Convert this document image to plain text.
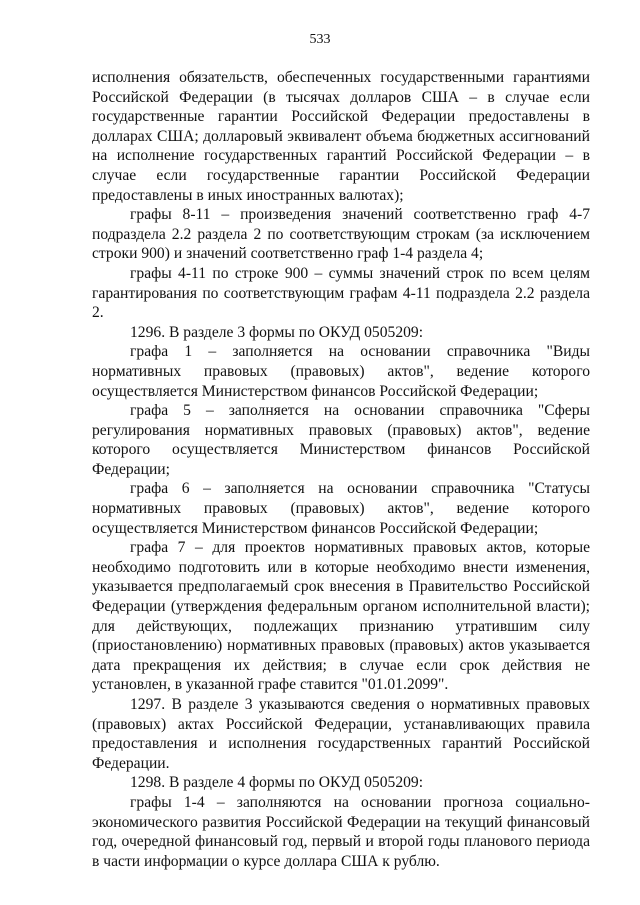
533

исполнения обязательств, обеспеченных государственными гарантиями Российской Федерации (в тысячах долларов США – в случае если государственные гарантии Российской Федерации предоставлены в долларах США; долларовый эквивалент объема бюджетных ассигнований на исполнение государственных гарантий Российской Федерации – в случае если государственные гарантии Российской Федерации предоставлены в иных иностранных валютах);

графы 8-11 – произведения значений соответственно граф 4-7 подраздела 2.2 раздела 2 по соответствующим строкам (за исключением строки 900) и значений соответственно граф 1-4 раздела 4;

графы 4-11 по строке 900 – суммы значений строк по всем целям гарантирования по соответствующим графам 4-11 подраздела 2.2 раздела 2.

1296. В разделе 3 формы по ОКУД 0505209:

графа 1 – заполняется на основании справочника "Виды нормативных правовых (правовых) актов", ведение которого осуществляется Министерством финансов Российской Федерации;

графа 5 – заполняется на основании справочника "Сферы регулирования нормативных правовых (правовых) актов", ведение которого осуществляется Министерством финансов Российской Федерации;

графа 6 – заполняется на основании справочника "Статусы нормативных правовых (правовых) актов", ведение которого осуществляется Министерством финансов Российской Федерации;

графа 7 – для проектов нормативных правовых актов, которые необходимо подготовить или в которые необходимо внести изменения, указывается предполагаемый срок внесения в Правительство Российской Федерации (утверждения федеральным органом исполнительной власти); для действующих, подлежащих признанию утратившим силу (приостановлению) нормативных правовых (правовых) актов указывается дата прекращения их действия; в случае если срок действия не установлен, в указанной графе ставится "01.01.2099".

1297. В разделе 3 указываются сведения о нормативных правовых (правовых) актах Российской Федерации, устанавливающих правила предоставления и исполнения государственных гарантий Российской Федерации.

1298. В разделе 4 формы по ОКУД 0505209:

графы 1-4 – заполняются на основании прогноза социально-экономического развития Российской Федерации на текущий финансовый год, очередной финансовый год, первый и второй годы планового периода в части информации о курсе доллара США к рублю.
